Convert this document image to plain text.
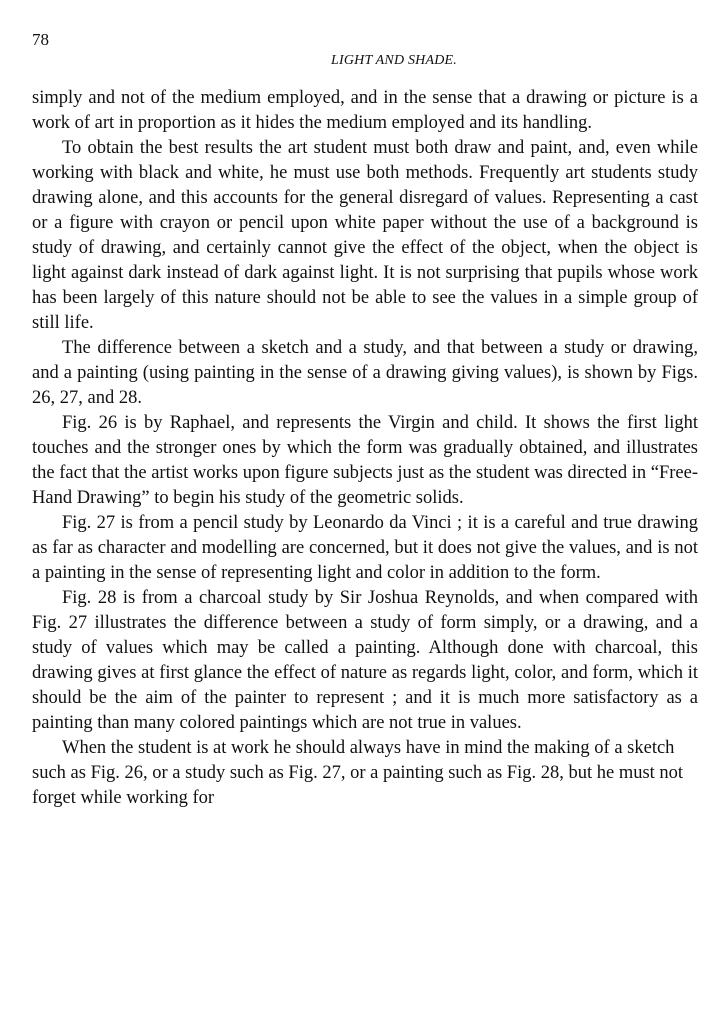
78
LIGHT AND SHADE.

simply and not of the medium employed, and in the sense that a drawing or picture is a work of art in proportion as it hides the medium employed and its handling.

To obtain the best results the art student must both draw and paint, and, even while working with black and white, he must use both methods. Frequently art students study drawing alone, and this accounts for the general disregard of values. Representing a cast or a figure with crayon or pencil upon white paper without the use of a background is study of drawing, and certainly cannot give the effect of the object, when the object is light against dark instead of dark against light. It is not surprising that pupils whose work has been largely of this nature should not be able to see the values in a simple group of still life.

The difference between a sketch and a study, and that between a study or drawing, and a painting (using painting in the sense of a drawing giving values), is shown by Figs. 26, 27, and 28.

Fig. 26 is by Raphael, and represents the Virgin and child. It shows the first light touches and the stronger ones by which the form was gradually obtained, and illustrates the fact that the artist works upon figure subjects just as the student was directed in “Free-Hand Drawing” to begin his study of the geometric solids.

Fig. 27 is from a pencil study by Leonardo da Vinci ; it is a careful and true drawing as far as character and modelling are concerned, but it does not give the values, and is not a painting in the sense of representing light and color in addition to the form.

Fig. 28 is from a charcoal study by Sir Joshua Reynolds, and when compared with Fig. 27 illustrates the difference between a study of form simply, or a drawing, and a study of values which may be called a painting. Although done with charcoal, this drawing gives at first glance the effect of nature as regards light, color, and form, which it should be the aim of the painter to represent ; and it is much more satisfactory as a painting than many colored paintings which are not true in values.

When the student is at work he should always have in mind the making of a sketch such as Fig. 26, or a study such as Fig. 27, or a painting such as Fig. 28, but he must not forget while working for
